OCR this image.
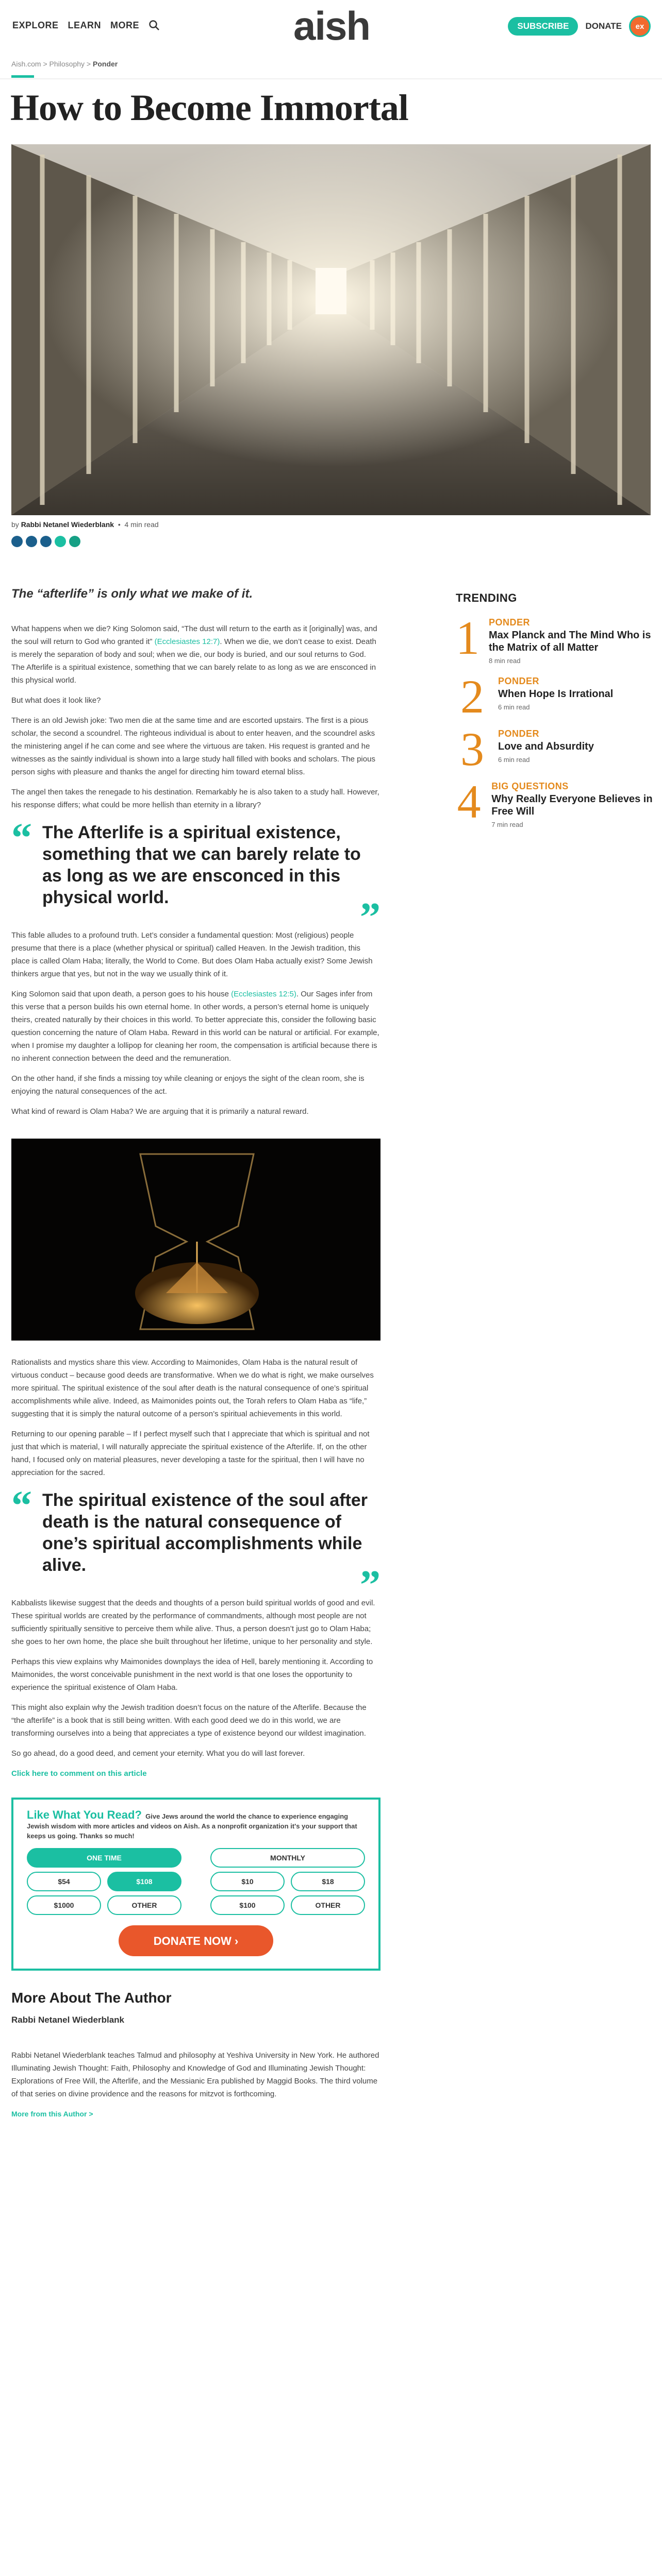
EXPLORE LEARN MORE	aish	SUBSCRIBE	DONATE	ex
Aish.com > Philosophy > Ponder
How to Become Immortal
by Rabbi Netanel Wiederblank  •  4 min read
The “afterlife” is only what we make of it.

What happens when we die? King Solomon said, “The dust will return to the earth as it [originally] was, and the soul will return to God who granted it” (Ecclesiastes 12:7). When we die, we don’t cease to exist. Death is merely the separation of body and soul; when we die, our body is buried, and our soul returns to God. The Afterlife is a spiritual existence, something that we can barely relate to as long as we are ensconced in this physical world.

But what does it look like?

There is an old Jewish joke: Two men die at the same time and are escorted upstairs. The first is a pious scholar, the second a scoundrel. The righteous individual is about to enter heaven, and the scoundrel asks the ministering angel if he can come and see where the virtuous are taken. His request is granted and he witnesses as the saintly individual is shown into a large study hall filled with books and scholars. The pious person sighs with pleasure and thanks the angel for directing him toward eternal bliss.

The angel then takes the renegade to his destination. Remarkably he is also taken to a study hall. However, his response differs; what could be more hellish than eternity in a library?

“ The Afterlife is a spiritual existence, something that we can barely relate to as long as we are ensconced in this physical world.	”

This fable alludes to a profound truth. Let’s consider a fundamental question: Most (religious) people presume that there is a place (whether physical or spiritual) called Heaven. In the Jewish tradition, this place is called Olam Haba; literally, the World to Come. But does Olam Haba actually exist? Some Jewish thinkers argue that yes, but not in the way we usually think of it.

King Solomon said that upon death, a person goes to his house (Ecclesiastes 12:5). Our Sages infer from this verse that a person builds his own eternal home. In other words, a person’s eternal home is uniquely theirs, created naturally by their choices in this world. To better appreciate this, consider the following basic question concerning the nature of Olam Haba. Reward in this world can be natural or artificial. For example, when I promise my daughter a lollipop for cleaning her room, the compensation is artificial because there is no inherent connection between the deed and the remuneration.

On the other hand, if she finds a missing toy while cleaning or enjoys the sight of the clean room, she is enjoying the natural consequences of the act.

What kind of reward is Olam Haba? We are arguing that it is primarily a natural reward.

Rationalists and mystics share this view. According to Maimonides, Olam Haba is the natural result of virtuous conduct – because good deeds are transformative. When we do what is right, we make ourselves more spiritual. The spiritual existence of the soul after death is the natural consequence of one’s spiritual accomplishments while alive. Indeed, as Maimonides points out, the Torah refers to Olam Haba as “life,” suggesting that it is simply the natural outcome of a person’s spiritual achievements in this world.

Returning to our opening parable – If I perfect myself such that I appreciate that which is spiritual and not just that which is material, I will naturally appreciate the spiritual existence of the Afterlife. If, on the other hand, I focused only on material pleasures, never developing a taste for the spiritual, then I will have no appreciation for the sacred.

“ The spiritual existence of the soul after death is the natural consequence of one’s spiritual accomplishments while alive.	”

Kabbalists likewise suggest that the deeds and thoughts of a person build spiritual worlds of good and evil. These spiritual worlds are created by the performance of commandments, although most people are not sufficiently spiritually sensitive to perceive them while alive. Thus, a person doesn’t just go to Olam Haba; she goes to her own home, the place she built throughout her lifetime, unique to her personality and style.

Perhaps this view explains why Maimonides downplays the idea of Hell, barely mentioning it. According to Maimonides, the worst conceivable punishment in the next world is that one loses the opportunity to experience the spiritual existence of Olam Haba.

This might also explain why the Jewish tradition doesn’t focus on the nature of the Afterlife. Because the “the afterlife” is a book that is still being written. With each good deed we do in this world, we are transforming ourselves into a being that appreciates a type of existence beyond our wildest imagination.

So go ahead, do a good deed, and cement your eternity. What you do will last forever.

Click here to comment on this article
Like What You Read? Give Jews around the world the chance to experience engaging Jewish wisdom with more articles and videos on Aish. As a nonprofit organization it's your support that keeps us going. Thanks so much!
ONE TIME
$54	$108
$1000	OTHER
MONTHLY
$10	$18
$100	OTHER
DONATE NOW
›
More About The Author
Rabbi Netanel Wiederblank

Rabbi Netanel Wiederblank teaches Talmud and philosophy at Yeshiva University in New York. He authored Illuminating Jewish Thought: Faith, Philosophy and Knowledge of God and Illuminating Jewish Thought: Explorations of Free Will, the Afterlife, and the Messianic Era published by Maggid Books. The third volume of that series on divine providence and the reasons for mitzvot is forthcoming.

More from this Author >
TRENDING
1 PONDER
Max Planck and The Mind Who is the Matrix of all Matter
8 min read
2	PONDER
When Hope Is Irrational
6 min read
3	PONDER
Love and Absurdity
6 min read
4 BIG QUESTIONS
Why Really Everyone Believes in Free Will
7 min read
